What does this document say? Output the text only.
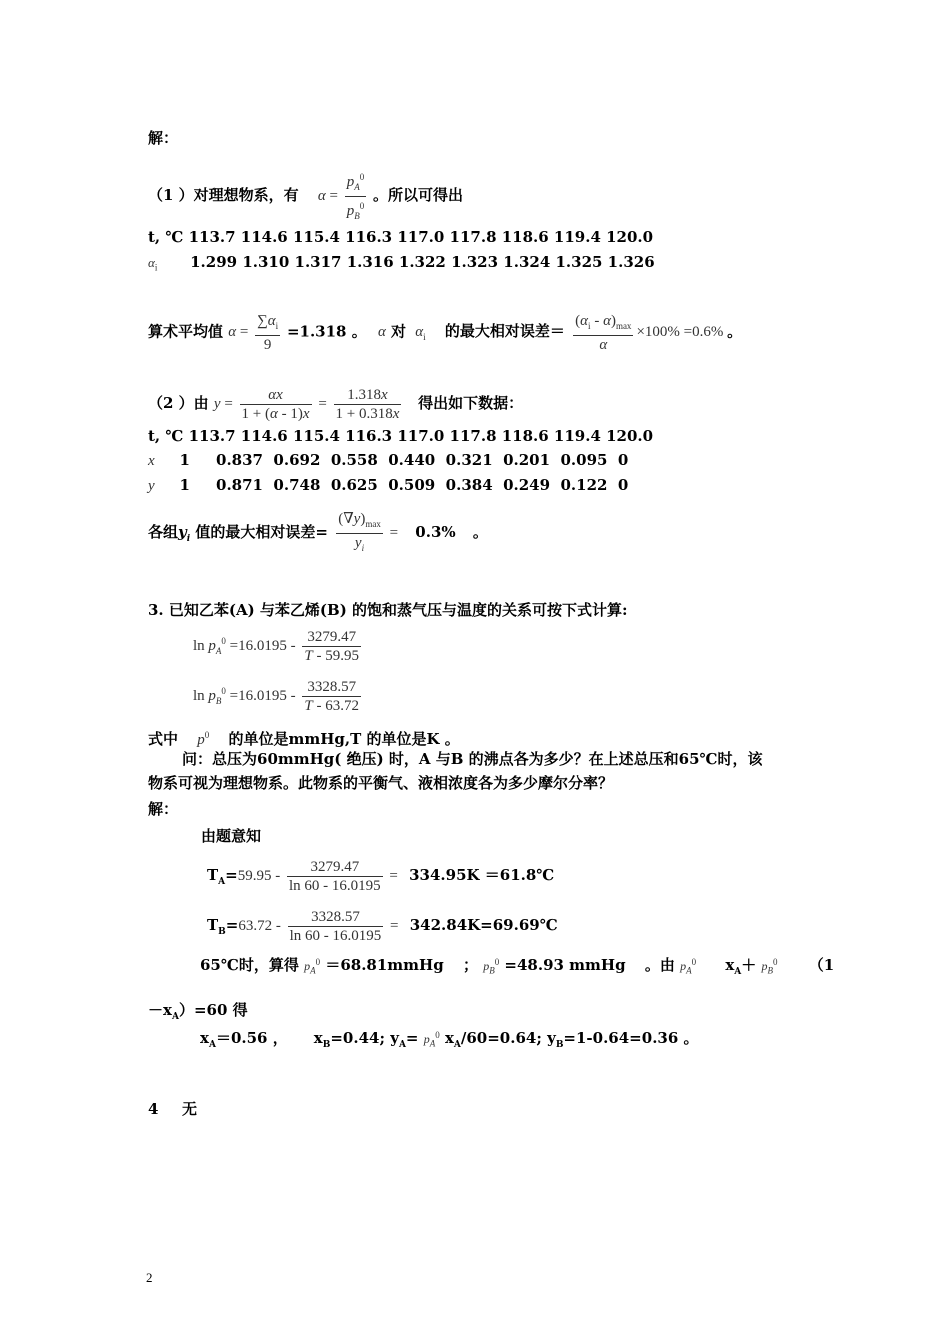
解：
（1 ）对理想物系，有 $\alpha = \frac{p_A^0}{p_B^0}$ 。所以可得出
t, ℃ 113.7 114.6 115.4 116.3 117.0 117.8 118.6 119.4 120.0
$\alpha_i$ 1.299 1.310 1.317 1.316 1.322 1.323 1.324 1.325 1.326
算术平均值 $\alpha = \frac{\sum\alpha_i}{9} =1.318$ 。 α 对 $\alpha_i$ 的最大相对误差＝ $\frac{(\alpha_i - \alpha)_{max}}{\alpha} \times 100\% =0.6\%$ 。
（2 ）由 $y = \frac{\alpha x}{1 + (\alpha - 1)x} = \frac{1.318x}{1 + 0.318x}$ 得出如下数据：
t, ℃ 113.7 114.6 115.4 116.3 117.0 117.8 118.6 119.4 120.0
x 1     0.837  0.692  0.558  0.440  0.321  0.201  0.095  0
y 1     0.871  0.748  0.625  0.509  0.384  0.249  0.122  0
各组$y_i$ 值的最大相对误差= $\frac{(\nabla y)_{max}}{y_i} = 0.3\%$ 。
3. 已知乙苯(A) 与苯乙烯(B) 的饱和蒸气压与温度的关系可按下式计算:
$\ln p_A^0 =16.0195 - \frac{3279.47}{T - 59.95}$
$\ln p_B^0 =16.0195 - \frac{3328.57}{T - 63.72}$
式中 $p^0$ 的单位是mmHg,T 的单位是K 。
问：总压为60mmHg( 绝压) 时，A 与B 的沸点各为多少？在上述总压和65℃时，该
物系可视为理想物系。此物系的平衡气、液相浓度各为多少摩尔分率？
解：
由题意知
$T_A=59.95 - \frac{3279.47}{\ln 60 - 16.0195} = 334.95K$ ＝61.8℃
$T_B=63.72 - \frac{3328.57}{\ln 60 - 16.0195}$ = 342.84K=69.69℃
65℃时，算得 $p_A^0$ ＝68.81mmHg ； $p_B^0 =48.93$ mmHg 。由 $p_A^0$ $x_A+ p_B^0$ （1
$-x_A)=60$ 得
$x_A=0.56$ ，     $x_B=0.44$; $y_A= p_A^0$ $x_A/60=0.64$; $y_B=1-0.64=0.36$ 。
4 无
2
